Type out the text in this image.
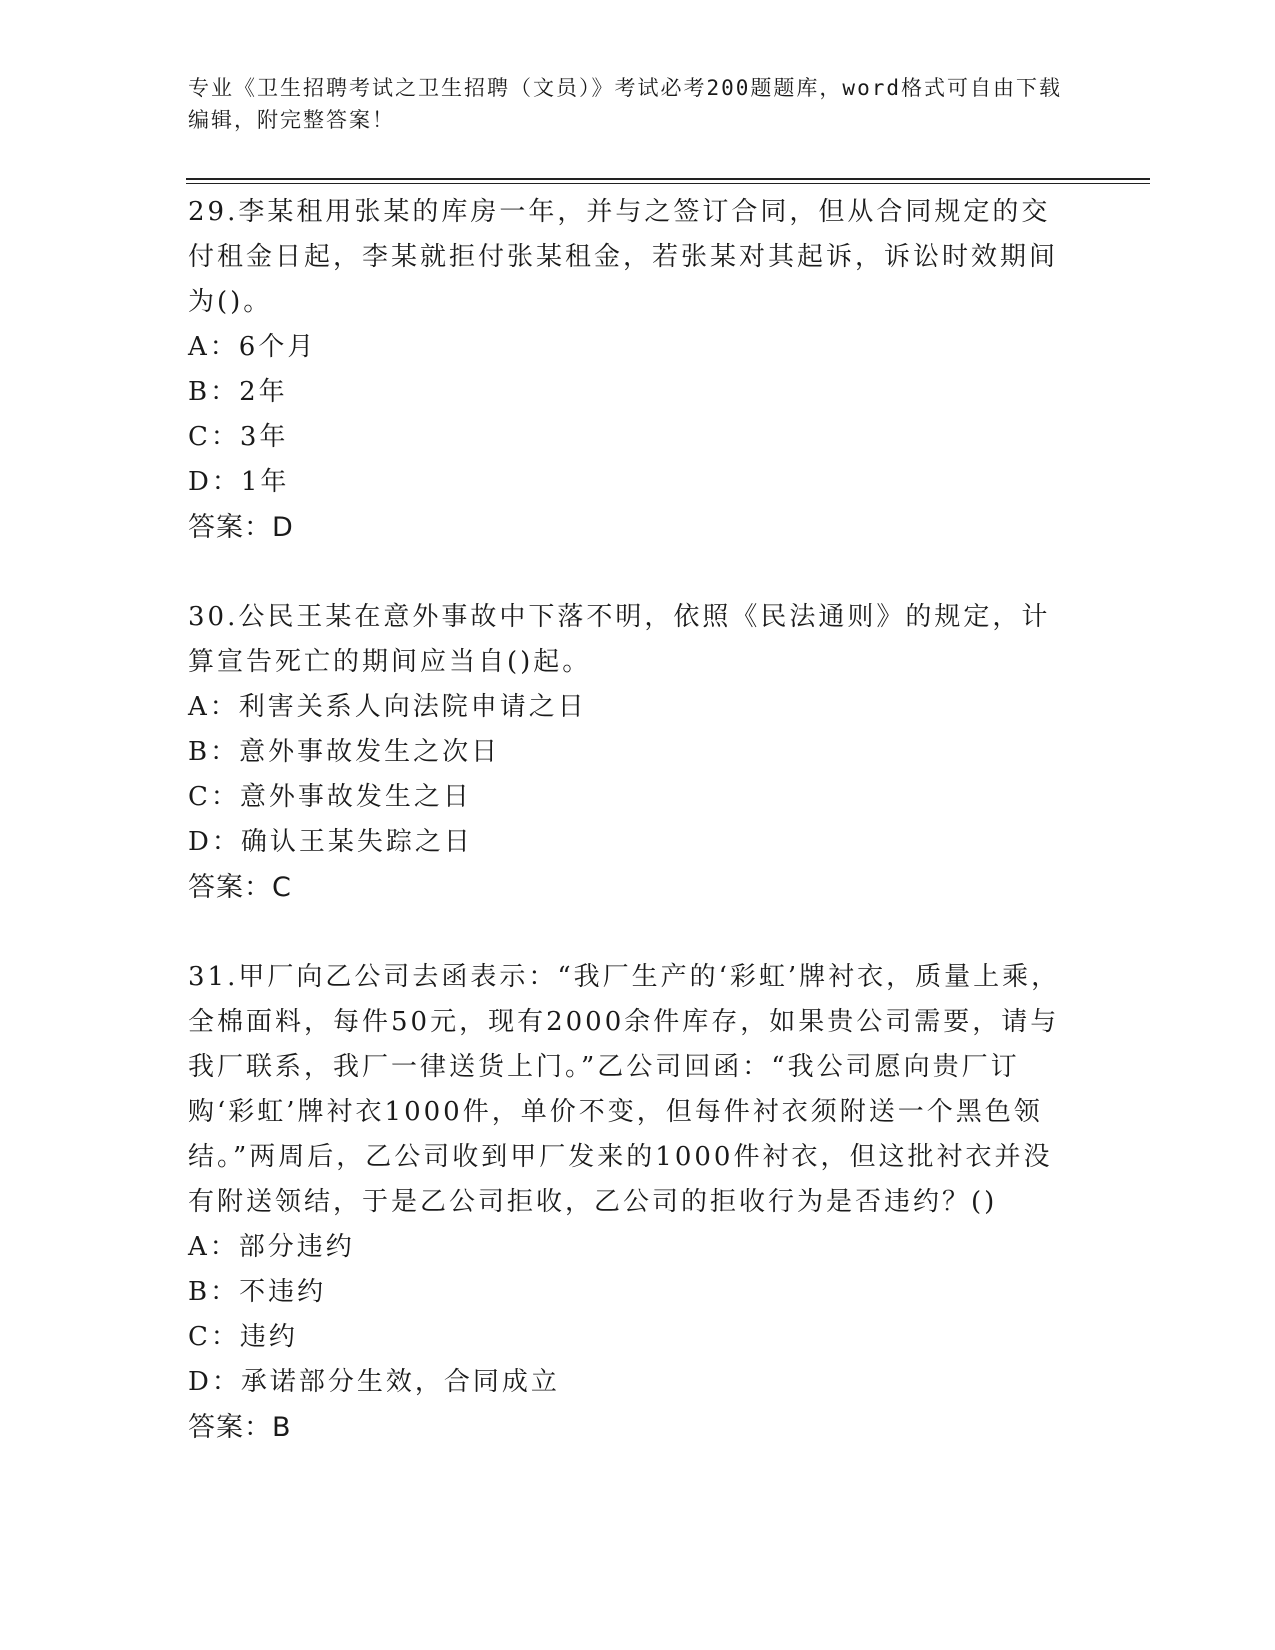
专业《卫生招聘考试之卫生招聘（文员）》考试必考200题题库，word格式可自由下载编辑，附完整答案！

29.李某租用张某的库房一年，并与之签订合同，但从合同规定的交付租金日起，李某就拒付张某租金，若张某对其起诉，诉讼时效期间为()。

A：6个月

B：2年

C：3年

D：1年

答案：D

30.公民王某在意外事故中下落不明，依照《民法通则》的规定，计算宣告死亡的期间应当自()起。

A：利害关系人向法院申请之日

B：意外事故发生之次日

C：意外事故发生之日

D：确认王某失踪之日

答案：C

31.甲厂向乙公司去函表示：“我厂生产的‘彩虹’牌衬衣，质量上乘，全棉面料，每件50元，现有2000余件库存，如果贵公司需要，请与我厂联系，我厂一律送货上门。”乙公司回函：“我公司愿向贵厂订购‘彩虹’牌衬衣1000件，单价不变，但每件衬衣须附送一个黑色领结。”两周后，乙公司收到甲厂发来的1000件衬衣，但这批衬衣并没有附送领结，于是乙公司拒收，乙公司的拒收行为是否违约？()

A：部分违约

B：不违约

C：违约

D：承诺部分生效，合同成立

答案：B
